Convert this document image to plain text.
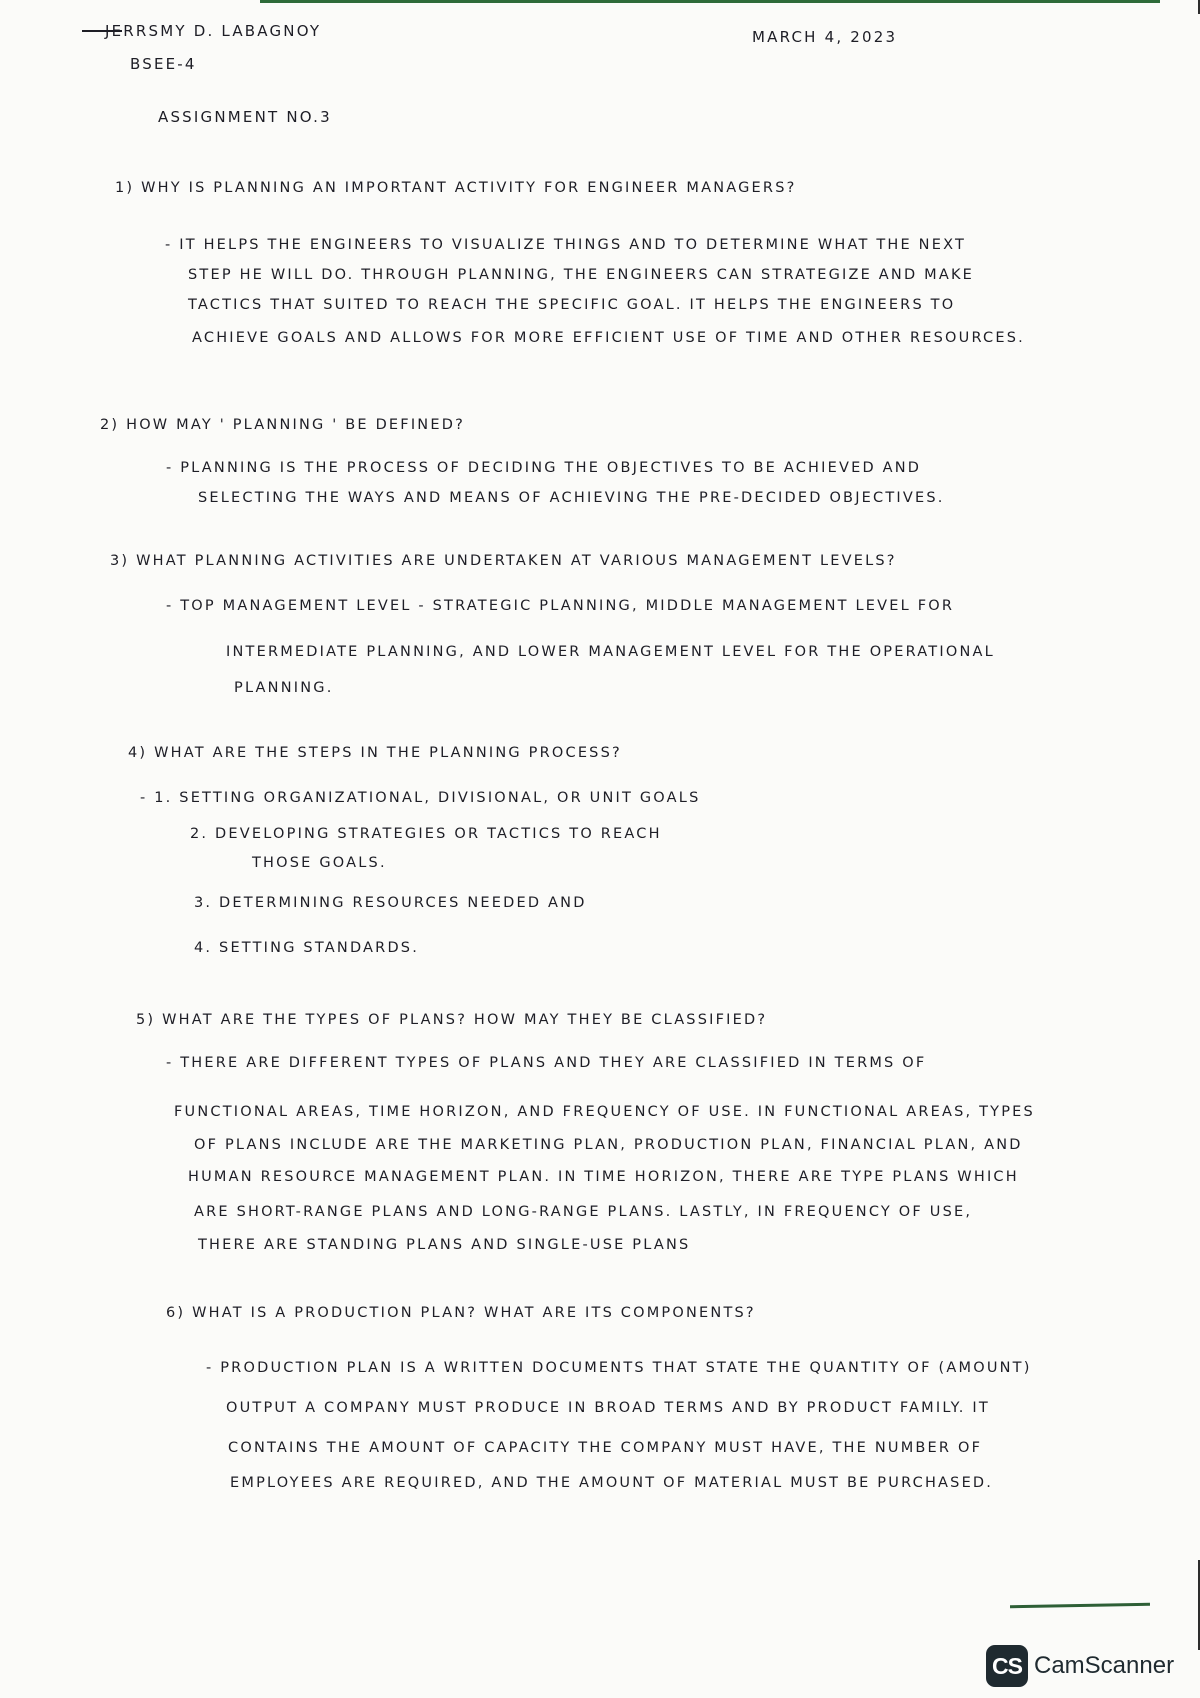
JERRSMY D. LABAGNOY
BSEE-4
MARCH 4, 2023
ASSIGNMENT NO.3
1) WHY IS PLANNING AN IMPORTANT ACTIVITY FOR ENGINEER MANAGERS?
- IT HELPS THE ENGINEERS TO VISUALIZE THINGS AND TO DETERMINE WHAT THE NEXT
STEP HE WILL DO. THROUGH PLANNING, THE ENGINEERS CAN STRATEGIZE AND MAKE
TACTICS THAT SUITED TO REACH THE SPECIFIC GOAL. IT HELPS THE ENGINEERS TO
ACHIEVE GOALS AND ALLOWS FOR MORE EFFICIENT USE OF TIME AND OTHER RESOURCES.
2) HOW MAY ' PLANNING ' BE DEFINED?
- PLANNING IS THE PROCESS OF DECIDING THE OBJECTIVES TO BE ACHIEVED AND
SELECTING THE WAYS AND MEANS OF ACHIEVING THE PRE-DECIDED OBJECTIVES.
3) WHAT PLANNING ACTIVITIES ARE UNDERTAKEN AT VARIOUS MANAGEMENT LEVELS?
- TOP MANAGEMENT LEVEL - STRATEGIC PLANNING, MIDDLE MANAGEMENT LEVEL FOR
INTERMEDIATE PLANNING, AND LOWER MANAGEMENT LEVEL FOR THE OPERATIONAL
PLANNING.
4) WHAT ARE THE STEPS IN THE PLANNING PROCESS?
- 1. SETTING ORGANIZATIONAL, DIVISIONAL, OR UNIT GOALS
2. DEVELOPING STRATEGIES OR TACTICS TO REACH
THOSE GOALS.
3. DETERMINING RESOURCES NEEDED AND
4. SETTING STANDARDS.
5) WHAT ARE THE TYPES OF PLANS? HOW MAY THEY BE CLASSIFIED?
- THERE ARE DIFFERENT TYPES OF PLANS AND THEY ARE CLASSIFIED IN TERMS OF
FUNCTIONAL AREAS, TIME HORIZON, AND FREQUENCY OF USE. IN FUNCTIONAL AREAS, TYPES
OF PLANS INCLUDE ARE THE MARKETING PLAN, PRODUCTION PLAN, FINANCIAL PLAN, AND
HUMAN RESOURCE MANAGEMENT PLAN. IN TIME HORIZON, THERE ARE TYPE PLANS WHICH
ARE SHORT-RANGE PLANS AND LONG-RANGE PLANS. LASTLY, IN FREQUENCY OF USE,
THERE ARE STANDING PLANS AND SINGLE-USE PLANS
6) WHAT IS A PRODUCTION PLAN? WHAT ARE ITS COMPONENTS?
- PRODUCTION PLAN IS A WRITTEN DOCUMENTS THAT STATE THE QUANTITY OF (AMOUNT)
OUTPUT A COMPANY MUST PRODUCE IN BROAD TERMS AND BY PRODUCT FAMILY. IT
CONTAINS THE AMOUNT OF CAPACITY THE COMPANY MUST HAVE, THE NUMBER OF
EMPLOYEES ARE REQUIRED, AND THE AMOUNT OF MATERIAL MUST BE PURCHASED.
CS CamScanner
